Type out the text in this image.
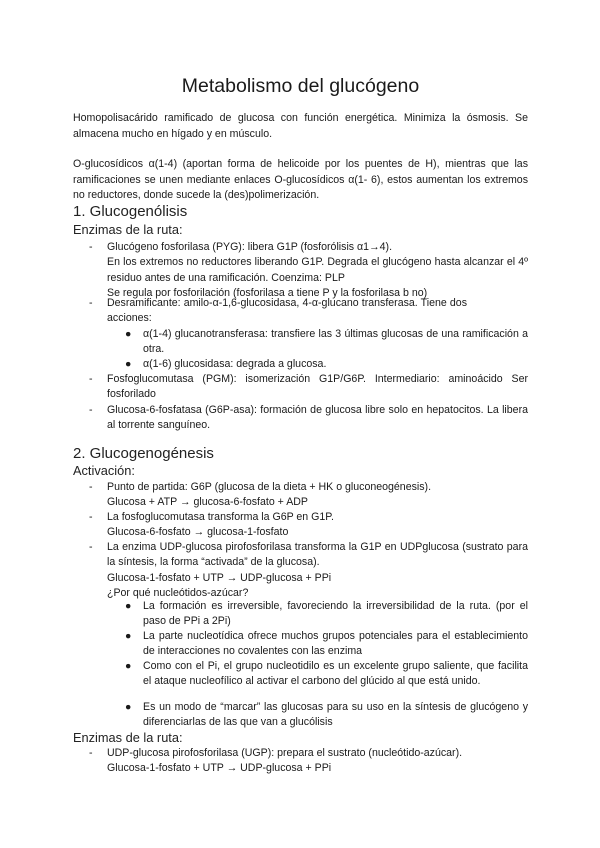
Metabolismo del glucógeno
Homopolisacárido ramificado de glucosa con función energética. Minimiza la ósmosis. Se almacena mucho en hígado y en músculo.
O-glucosídicos α(1-4) (aportan forma de helicoide por los puentes de H), mientras que las ramificaciones se unen mediante enlaces O-glucosídicos α(1- 6), estos aumentan los extremos no reductores, donde sucede la (des)polimerización.
1. Glucogenólisis
Enzimas de la ruta:
-	Glucógeno fosforilasa (PYG): libera G1P (fosforólisis α1→4).
En los extremos no reductores liberando G1P. Degrada el glucógeno hasta alcanzar el 4º residuo antes de una ramificación. Coenzima: PLP
Se regula por fosforilación (fosforilasa a tiene P y la fosforilasa b no)
-	Desramificante: amilo-α-1,6-glucosidasa, 4-α-glucano transferasa. Tiene dos acciones:
●	α(1-4) glucanotransferasa: transfiere las 3 últimas glucosas de una ramificación a otra.
●	α(1-6) glucosidasa: degrada a glucosa.
-	Fosfoglucomutasa (PGM): isomerización G1P/G6P. Intermediario: aminoácido Ser fosforilado
-	Glucosa-6-fosfatasa (G6P-asa): formación de glucosa libre solo en hepatocitos. La libera al torrente sanguíneo.
2. Glucogenogénesis
Activación:
-	Punto de partida: G6P (glucosa de la dieta + HK o gluconeogénesis).
Glucosa + ATP → glucosa-6-fosfato + ADP
-	La fosfoglucomutasa transforma la G6P en G1P.
Glucosa-6-fosfato → glucosa-1-fosfato
-	La enzima UDP-glucosa pirofosforilasa transforma la G1P en UDPglucosa (sustrato para la síntesis, la forma “activada” de la glucosa).
Glucosa-1-fosfato + UTP → UDP-glucosa + PPi
¿Por qué nucleótidos-azúcar?
●	La formación es irreversible, favoreciendo la irreversibilidad de la ruta. (por el paso de PPi a 2Pi)
●	La parte nucleotídica ofrece muchos grupos potenciales para el establecimiento de interacciones no covalentes con las enzima
●	Como con el Pi, el grupo nucleotidilo es un excelente grupo saliente, que facilita el ataque nucleofílico al activar el carbono del glúcido al que está unido.
●	Es un modo de “marcar” las glucosas para su uso en la síntesis de glucógeno y diferenciarlas de las que van a glucólisis
Enzimas de la ruta:
-	UDP-glucosa pirofosforilasa (UGP): prepara el sustrato (nucleótido-azúcar).
Glucosa-1-fosfato + UTP → UDP-glucosa + PPi
